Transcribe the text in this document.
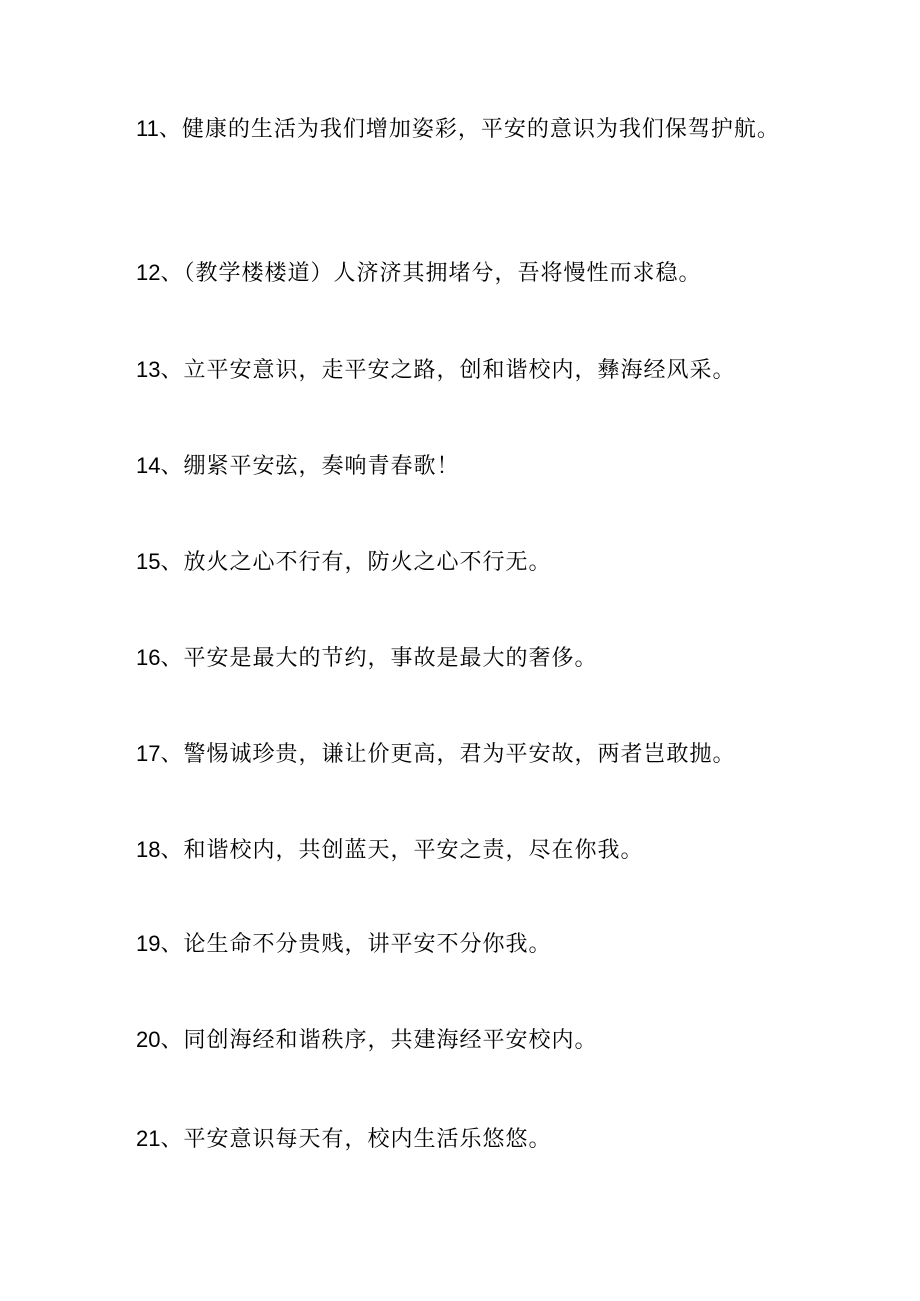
11、健康的生活为我们增加姿彩，平安的意识为我们保驾护航。

12、（教学楼楼道）人济济其拥堵兮，吾将慢性而求稳。

13、立平安意识，走平安之路，创和谐校内，彝海经风采。

14、绷紧平安弦，奏响青春歌！

15、放火之心不行有，防火之心不行无。

16、平安是最大的节约，事故是最大的奢侈。

17、警惕诚珍贵，谦让价更高，君为平安故，两者岂敢抛。

18、和谐校内，共创蓝天，平安之责，尽在你我。

19、论生命不分贵贱，讲平安不分你我。

20、同创海经和谐秩序，共建海经平安校内。

21、平安意识每天有，校内生活乐悠悠。
